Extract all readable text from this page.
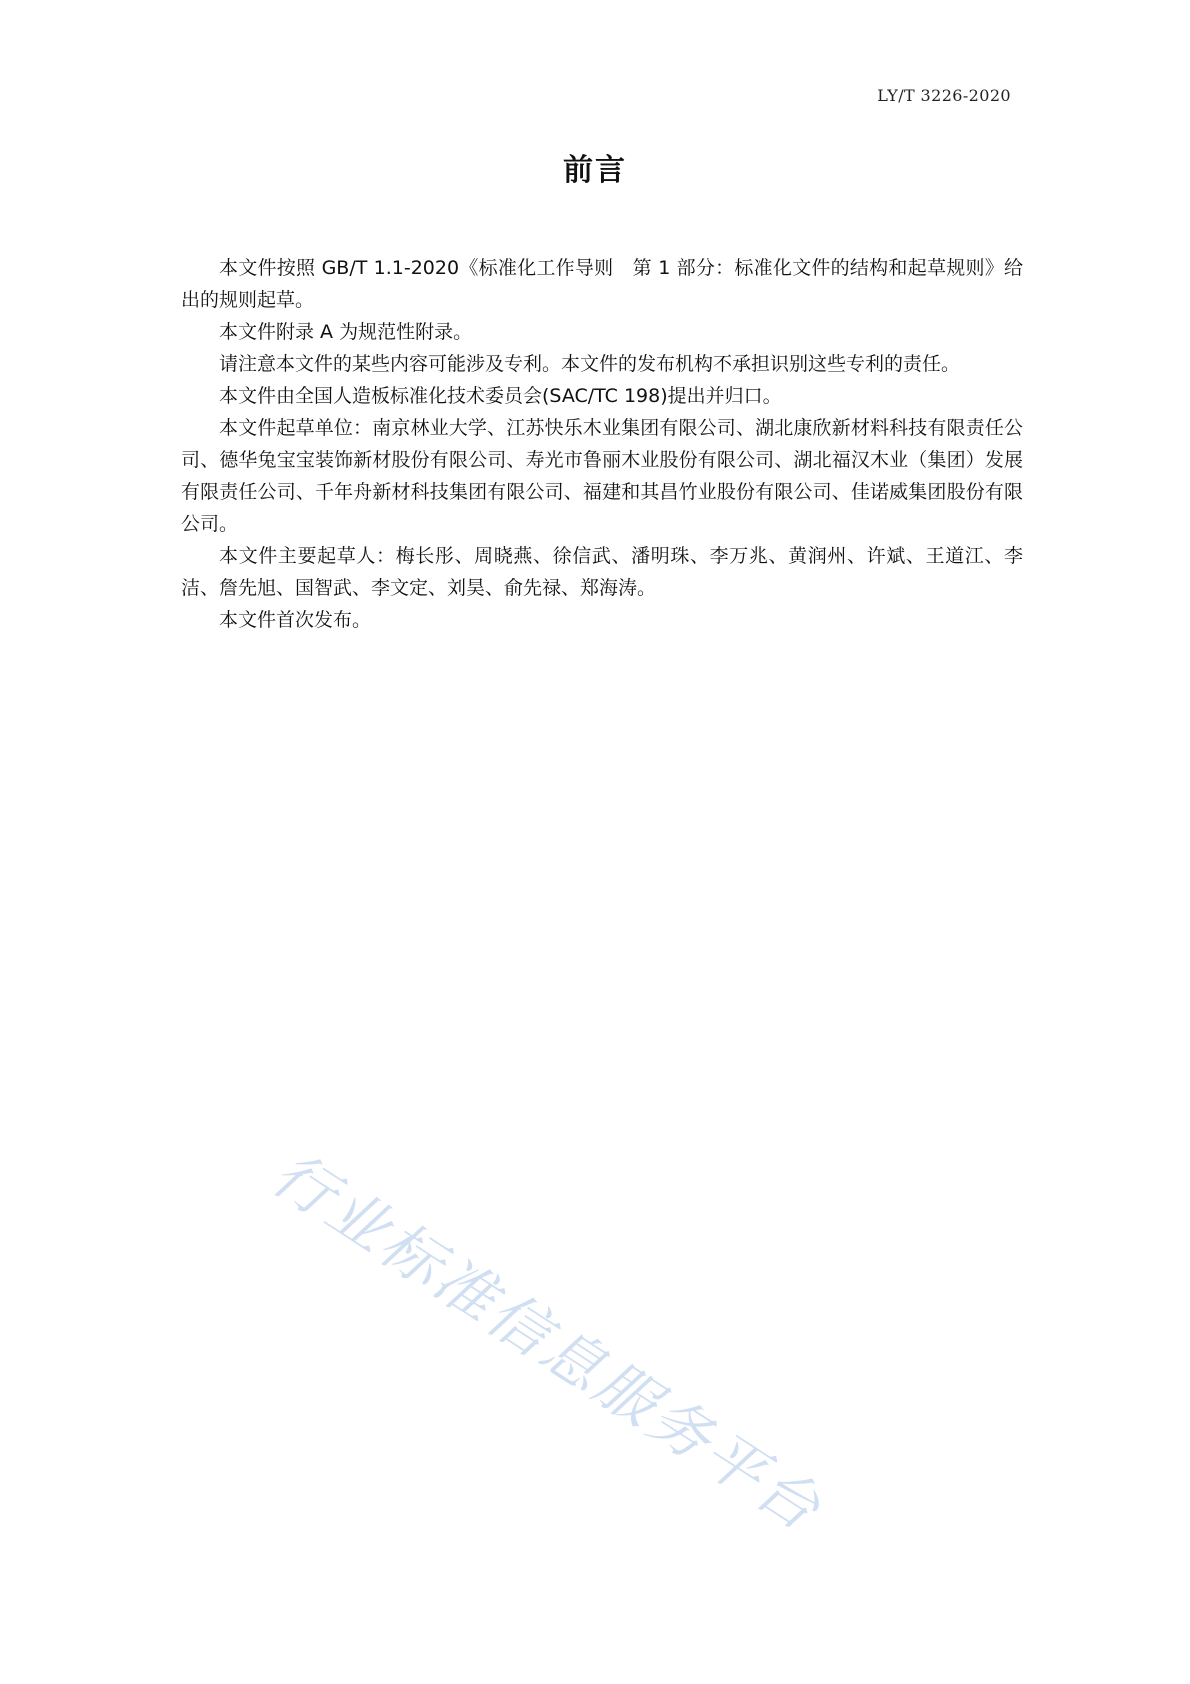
LY/T 3226-2020
前言

本文件按照 GB/T 1.1-2020《标准化工作导则　第 1 部分：标准化文件的结构和起草规则》给出的规则起草。

本文件附录 A 为规范性附录。

请注意本文件的某些内容可能涉及专利。本文件的发布机构不承担识别这些专利的责任。

本文件由全国人造板标准化技术委员会(SAC/TC 198)提出并归口。

本文件起草单位：南京林业大学、江苏快乐木业集团有限公司、湖北康欣新材料科技有限责任公司、德华兔宝宝装饰新材股份有限公司、寿光市鲁丽木业股份有限公司、湖北福汉木业（集团）发展有限责任公司、千年舟新材科技集团有限公司、福建和其昌竹业股份有限公司、佳诺威集团股份有限公司。

本文件主要起草人：梅长彤、周晓燕、徐信武、潘明珠、李万兆、黄润州、许斌、王道江、李洁、詹先旭、国智武、李文定、刘昊、俞先禄、郑海涛。

本文件首次发布。

行业标准信息服务平台
